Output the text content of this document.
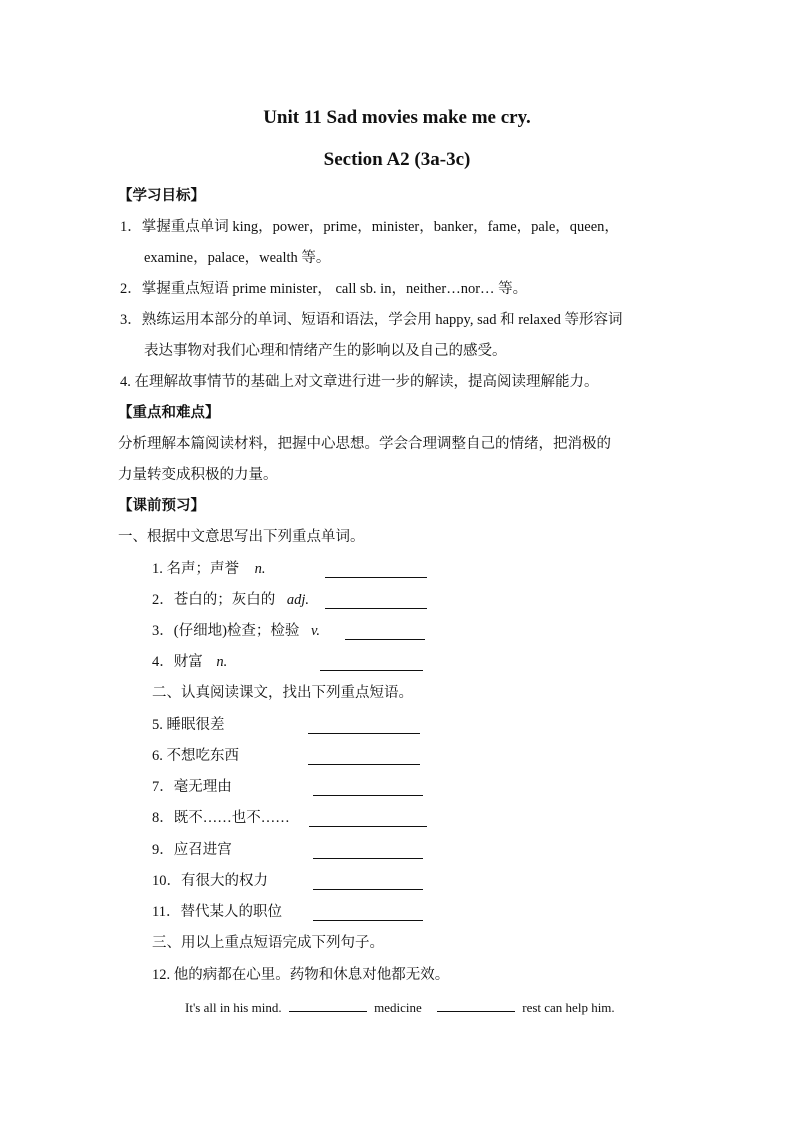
Unit 11 Sad movies make me cry.
Section A2 (3a-3c)
【学习目标】
1．掌握重点单词 king，power，prime，minister，banker，fame，pale，queen，
examine，palace，wealth 等。
2．掌握重点短语 prime minister， call sb. in，neither…nor… 等。
3．熟练运用本部分的单词、短语和语法，学会用 happy, sad 和 relaxed 等形容词
表达事物对我们心理和情绪产生的影响以及自己的感受。
4. 在理解故事情节的基础上对文章进行进一步的解读，提高阅读理解能力。
【重点和难点】
分析理解本篇阅读材料，把握中心思想。学会合理调整自己的情绪，把消极的
力量转变成积极的力量。
【课前预习】
一、根据中文意思写出下列重点单词。
1. 名声；声誉 n.
2．苍白的；灰白的 adj.
3．(仔细地)检查；检验 v.
4．财富 n.
二、认真阅读课文，找出下列重点短语。
5. 睡眠很差
6. 不想吃东西
7．毫无理由
8．既不……也不……
9．应召进宫
10．有很大的权力
11．替代某人的职位
三、用以上重点短语完成下列句子。
12. 他的病都在心里。药物和休息对他都无效。
It's all in his mind.	medicine	rest can help him.
